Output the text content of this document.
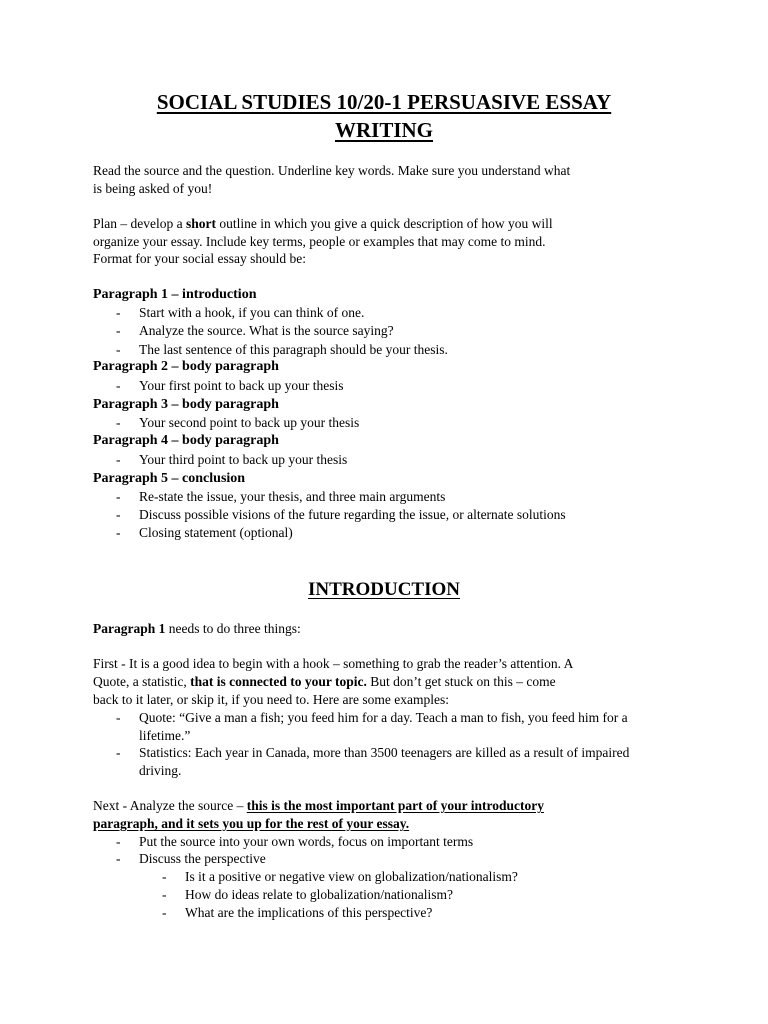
SOCIAL STUDIES 10/20-1 PERSUASIVE ESSAY
WRITING

Read the source and the question. Underline key words. Make sure you understand what

is being asked of you!

Plan – develop a short outline in which you give a quick description of how you will

organize your essay. Include key terms, people or examples that may come to mind.

Format for your social essay should be:

Paragraph 1 – introduction

- Start with a hook, if you can think of one.

- Analyze the source. What is the source saying?

- The last sentence of this paragraph should be your thesis.

Paragraph 2 – body paragraph

- Your first point to back up your thesis

Paragraph 3 – body paragraph

- Your second point to back up your thesis

Paragraph 4 – body paragraph

- Your third point to back up your thesis

Paragraph 5 – conclusion

- Re-state the issue, your thesis, and three main arguments

- Discuss possible visions of the future regarding the issue, or alternate solutions

- Closing statement (optional)

INTRODUCTION

Paragraph 1 needs to do three things:

First - It is a good idea to begin with a hook – something to grab the reader’s attention. A

Quote, a statistic, that is connected to your topic. But don’t get stuck on this – come

back to it later, or skip it, if you need to. Here are some examples:

- Quote: “Give a man a fish; you feed him for a day. Teach a man to fish, you feed him for a

lifetime.”

- Statistics: Each year in Canada, more than 3500 teenagers are killed as a result of impaired

driving.

Next - Analyze the source – this is the most important part of your introductory

paragraph, and it sets you up for the rest of your essay.

- Put the source into your own words, focus on important terms

- Discuss the perspective

- Is it a positive or negative view on globalization/nationalism?

- How do ideas relate to globalization/nationalism?

- What are the implications of this perspective?
